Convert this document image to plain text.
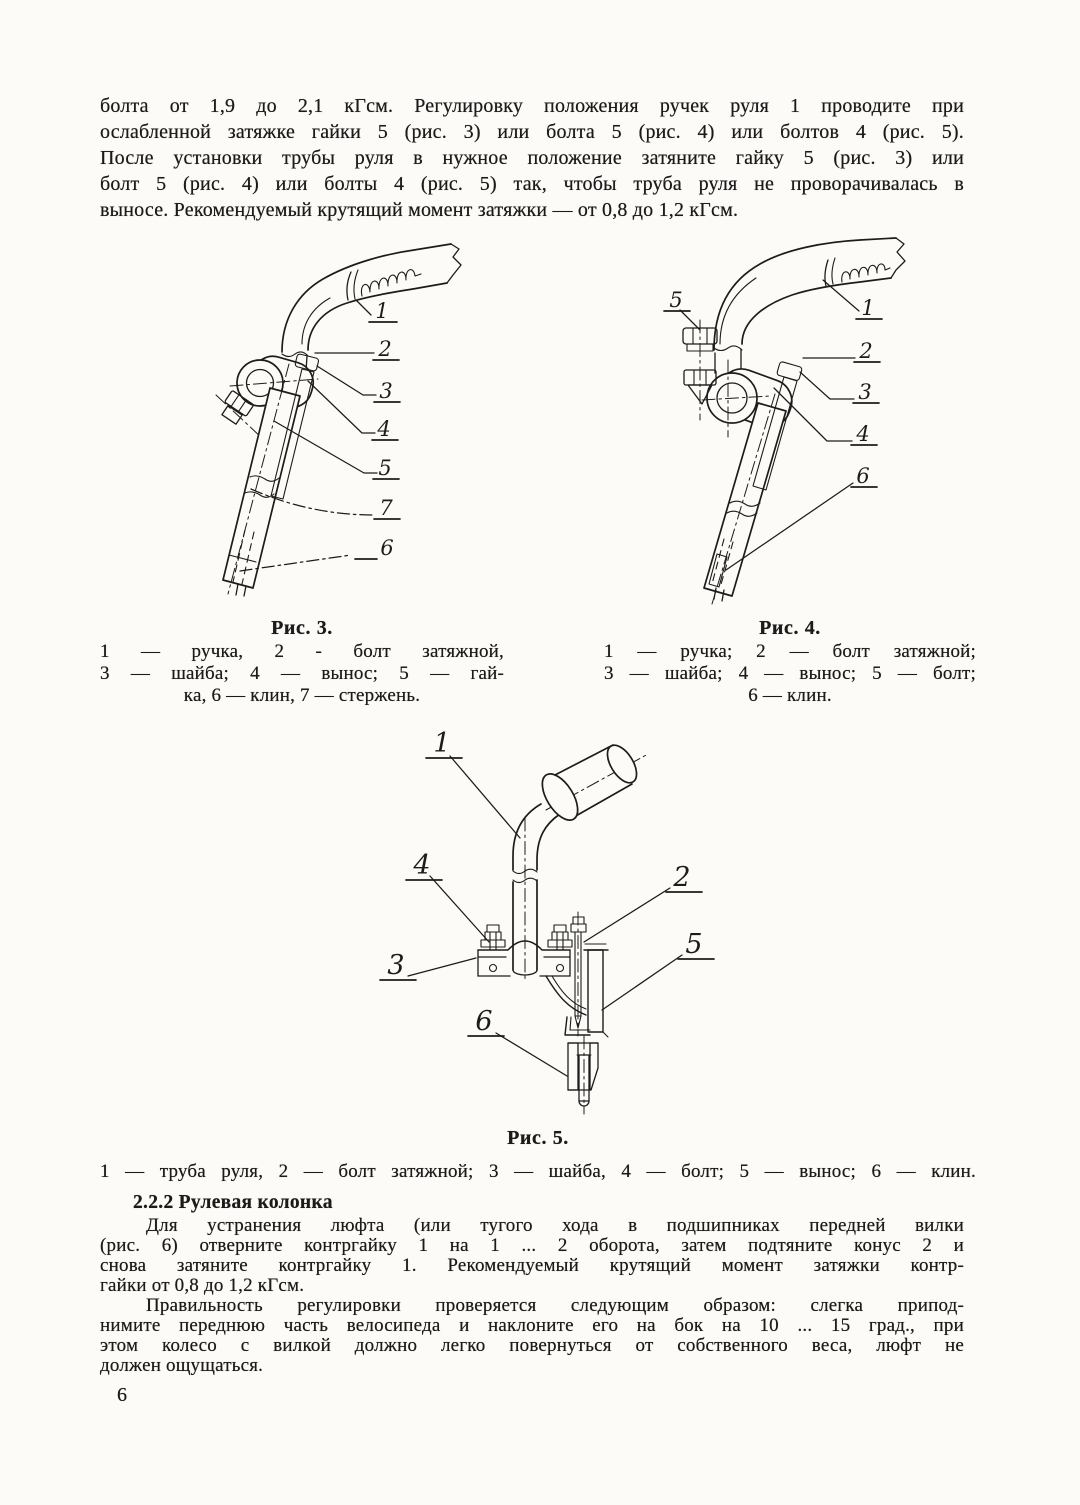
болта от 1,9 до 2,1 кГсм. Регулировку положения ручек руля 1 проводите при
ослабленной затяжке гайки 5 (рис. 3) или болта 5 (рис. 4) или болтов 4 (рис. 5).
После установки трубы руля в нужное положение затяните гайку 5 (рис. 3) или
болт 5 (рис. 4) или болты 4 (рис. 5) так, чтобы труба руля не проворачивалась в
выносе. Рекомендуемый крутящий момент затяжки — от 0,8 до 1,2 кГсм.
1
2
3
4
5
7
6
5	1
2
3
4
6
Рис. 3.
1 — ручка, 2 - болт затяжной,
3 — шайба; 4 — вынос; 5 — гай-
ка, 6 — клин, 7 — стержень.
Рис. 4.
1 — ручка; 2 — болт затяжной;
3 — шайба; 4 — вынос; 5 — болт;
6 — клин.
1
4	2
5
3
6
Рис. 5.
1 — труба руля, 2 — болт затяжной; 3 — шайба, 4 — болт; 5 — вынос; 6 — клин.
2.2.2 Рулевая колонка
Для устранения люфта (или тугого хода в подшипниках передней вилки
(рис. 6) отверните контргайку 1 на 1 ... 2 оборота, затем подтяните конус 2 и
снова затяните контргайку 1. Рекомендуемый крутящий момент затяжки контр-
гайки от 0,8 до 1,2 кГсм.
Правильность регулировки проверяется следующим образом: слегка припод-
нимите переднюю часть велосипеда и наклоните его на бок на 10 ... 15 град., при
этом колесо с вилкой должно легко повернуться от собственного веса, люфт не
должен ощущаться.
6
